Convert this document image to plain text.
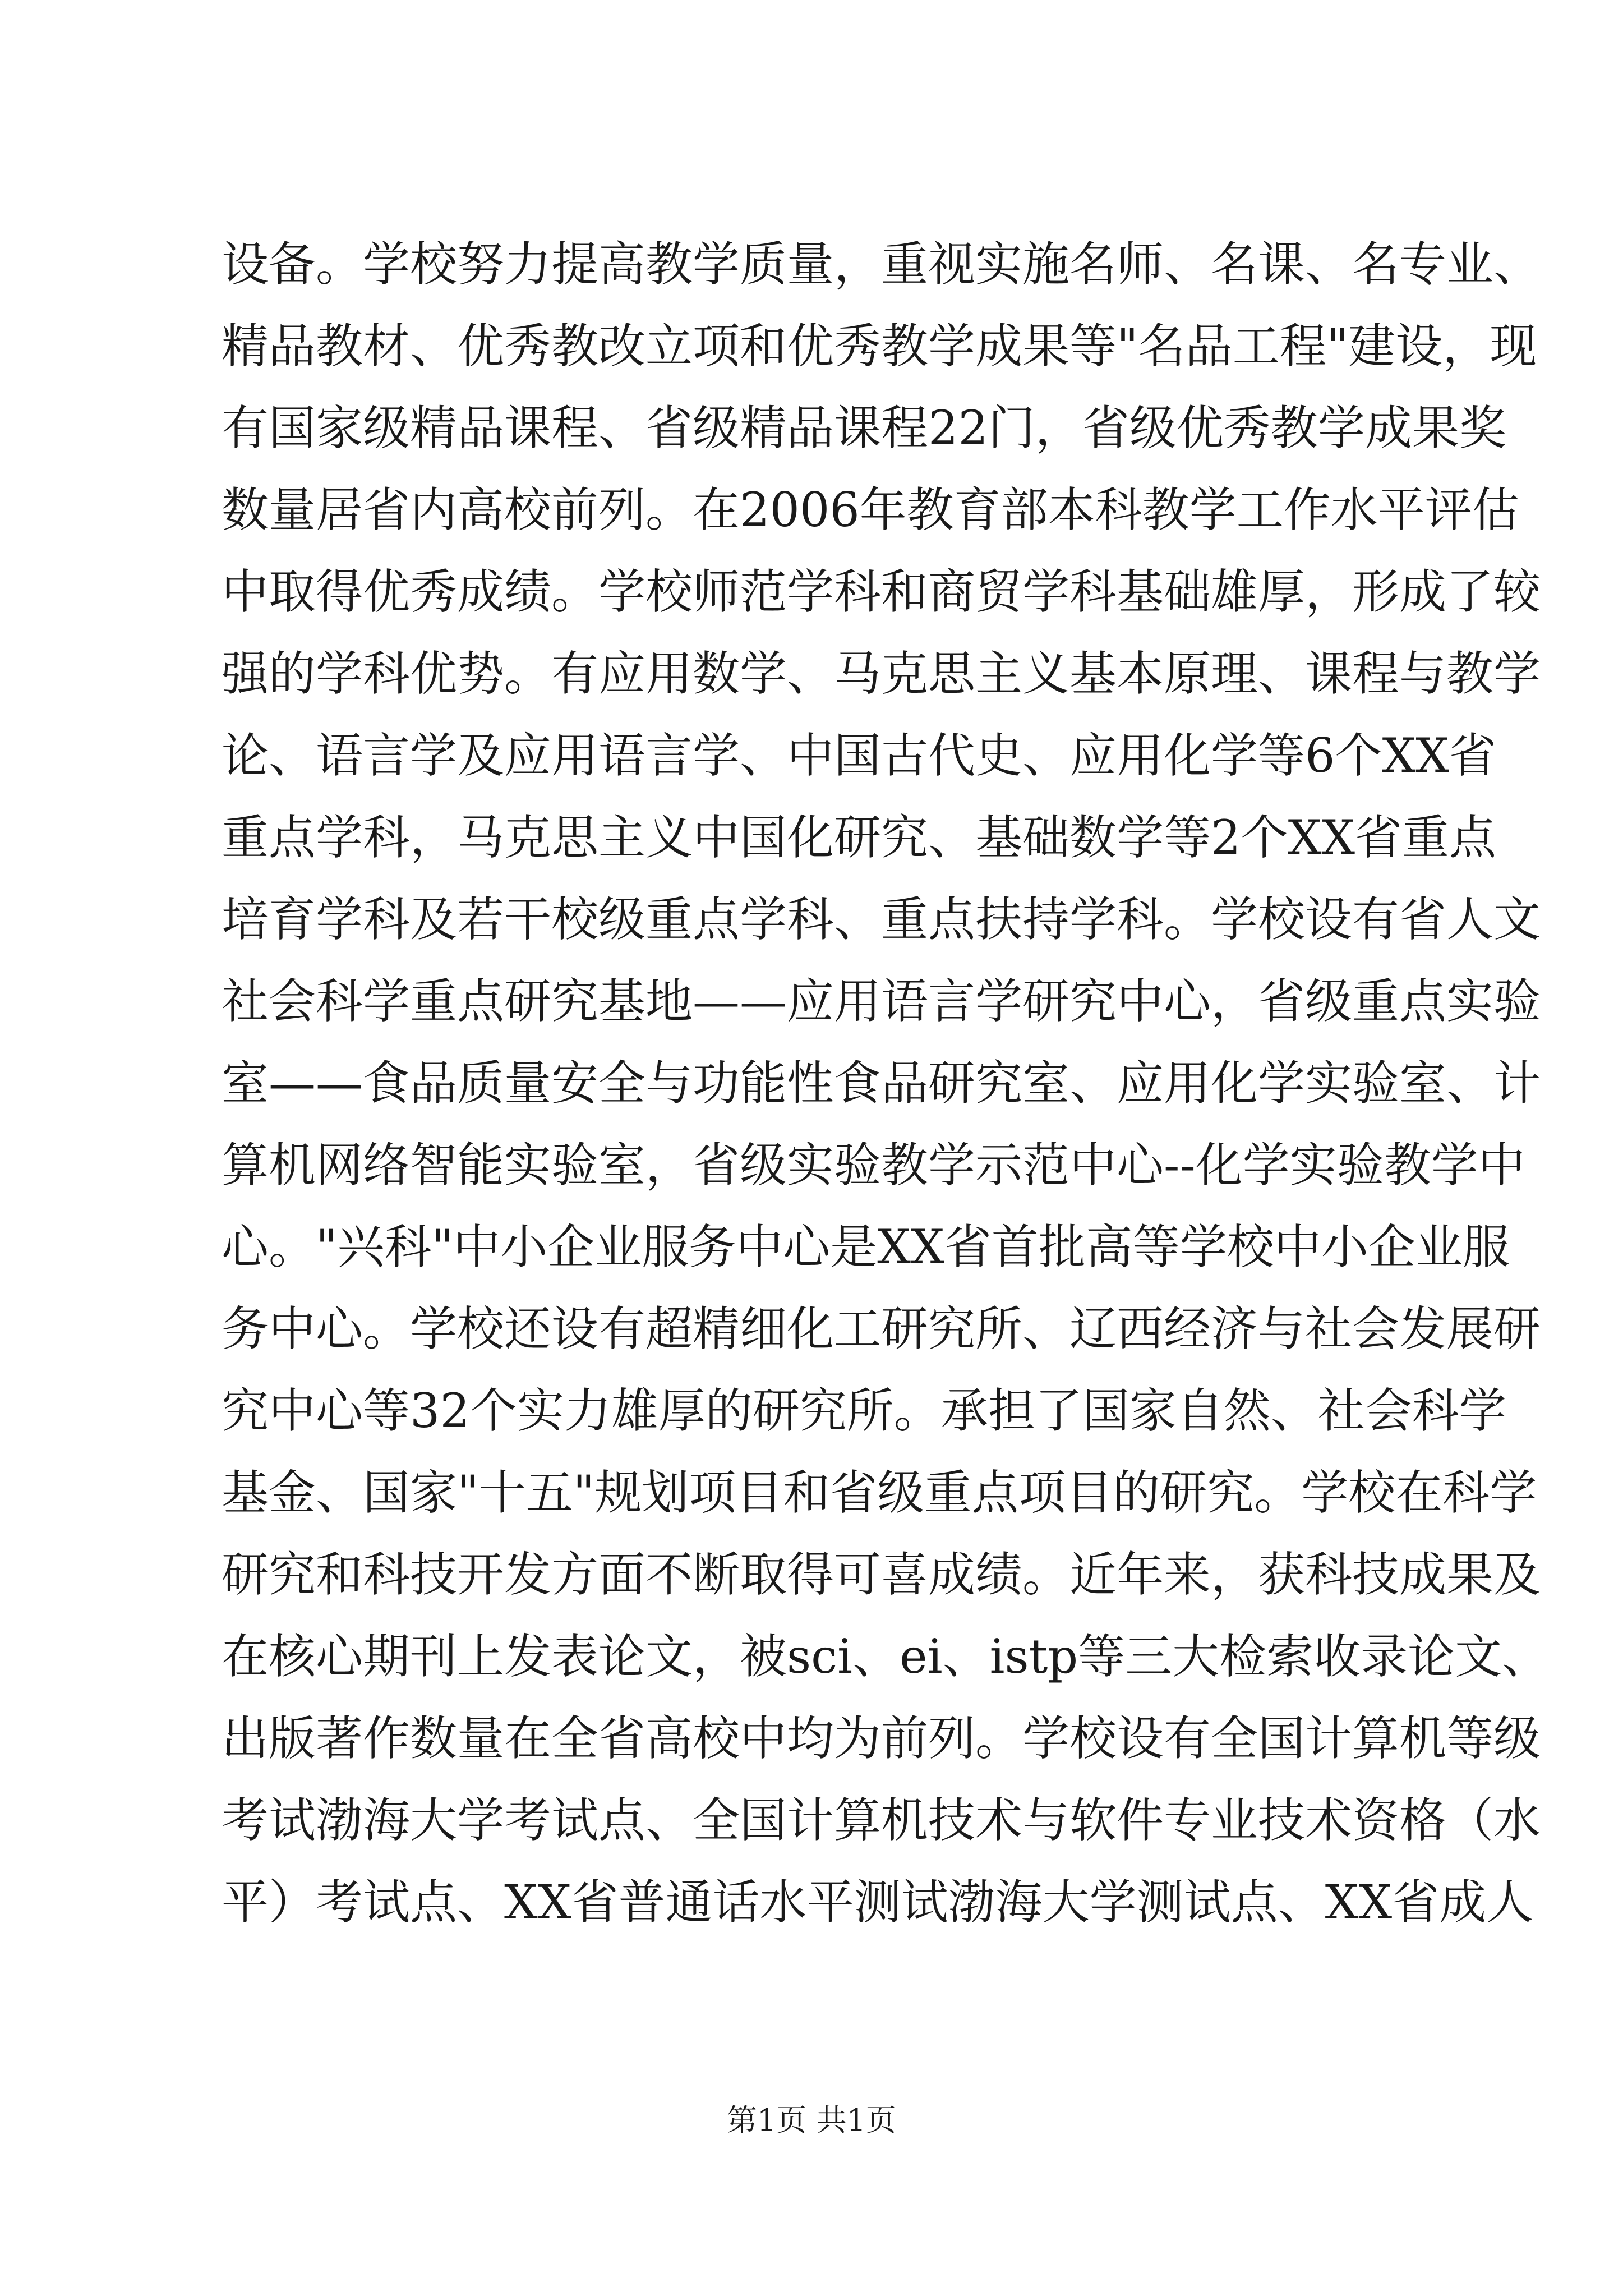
设备。学校努力提高教学质量，重视实施名师、名课、名专业、
精品教材、优秀教改立项和优秀教学成果等"名品工程"建设，现
有国家级精品课程、省级精品课程22门，省级优秀教学成果奖
数量居省内高校前列。在2006年教育部本科教学工作水平评估
中取得优秀成绩。学校师范学科和商贸学科基础雄厚，形成了较
强的学科优势。有应用数学、马克思主义基本原理、课程与教学
论、语言学及应用语言学、中国古代史、应用化学等6个XX省
重点学科，马克思主义中国化研究、基础数学等2个XX省重点
培育学科及若干校级重点学科、重点扶持学科。学校设有省人文
社会科学重点研究基地——应用语言学研究中心，省级重点实验
室——食品质量安全与功能性食品研究室、应用化学实验室、计
算机网络智能实验室，省级实验教学示范中心--化学实验教学中
心。"兴科"中小企业服务中心是XX省首批高等学校中小企业服
务中心。学校还设有超精细化工研究所、辽西经济与社会发展研
究中心等32个实力雄厚的研究所。承担了国家自然、社会科学
基金、国家"十五"规划项目和省级重点项目的研究。学校在科学
研究和科技开发方面不断取得可喜成绩。近年来，获科技成果及
在核心期刊上发表论文，被sci、ei、istp等三大检索收录论文、
出版著作数量在全省高校中均为前列。学校设有全国计算机等级
考试渤海大学考试点、全国计算机技术与软件专业技术资格（水
平）考试点、XX省普通话水平测试渤海大学测试点、XX省成人
第1页 共1页
